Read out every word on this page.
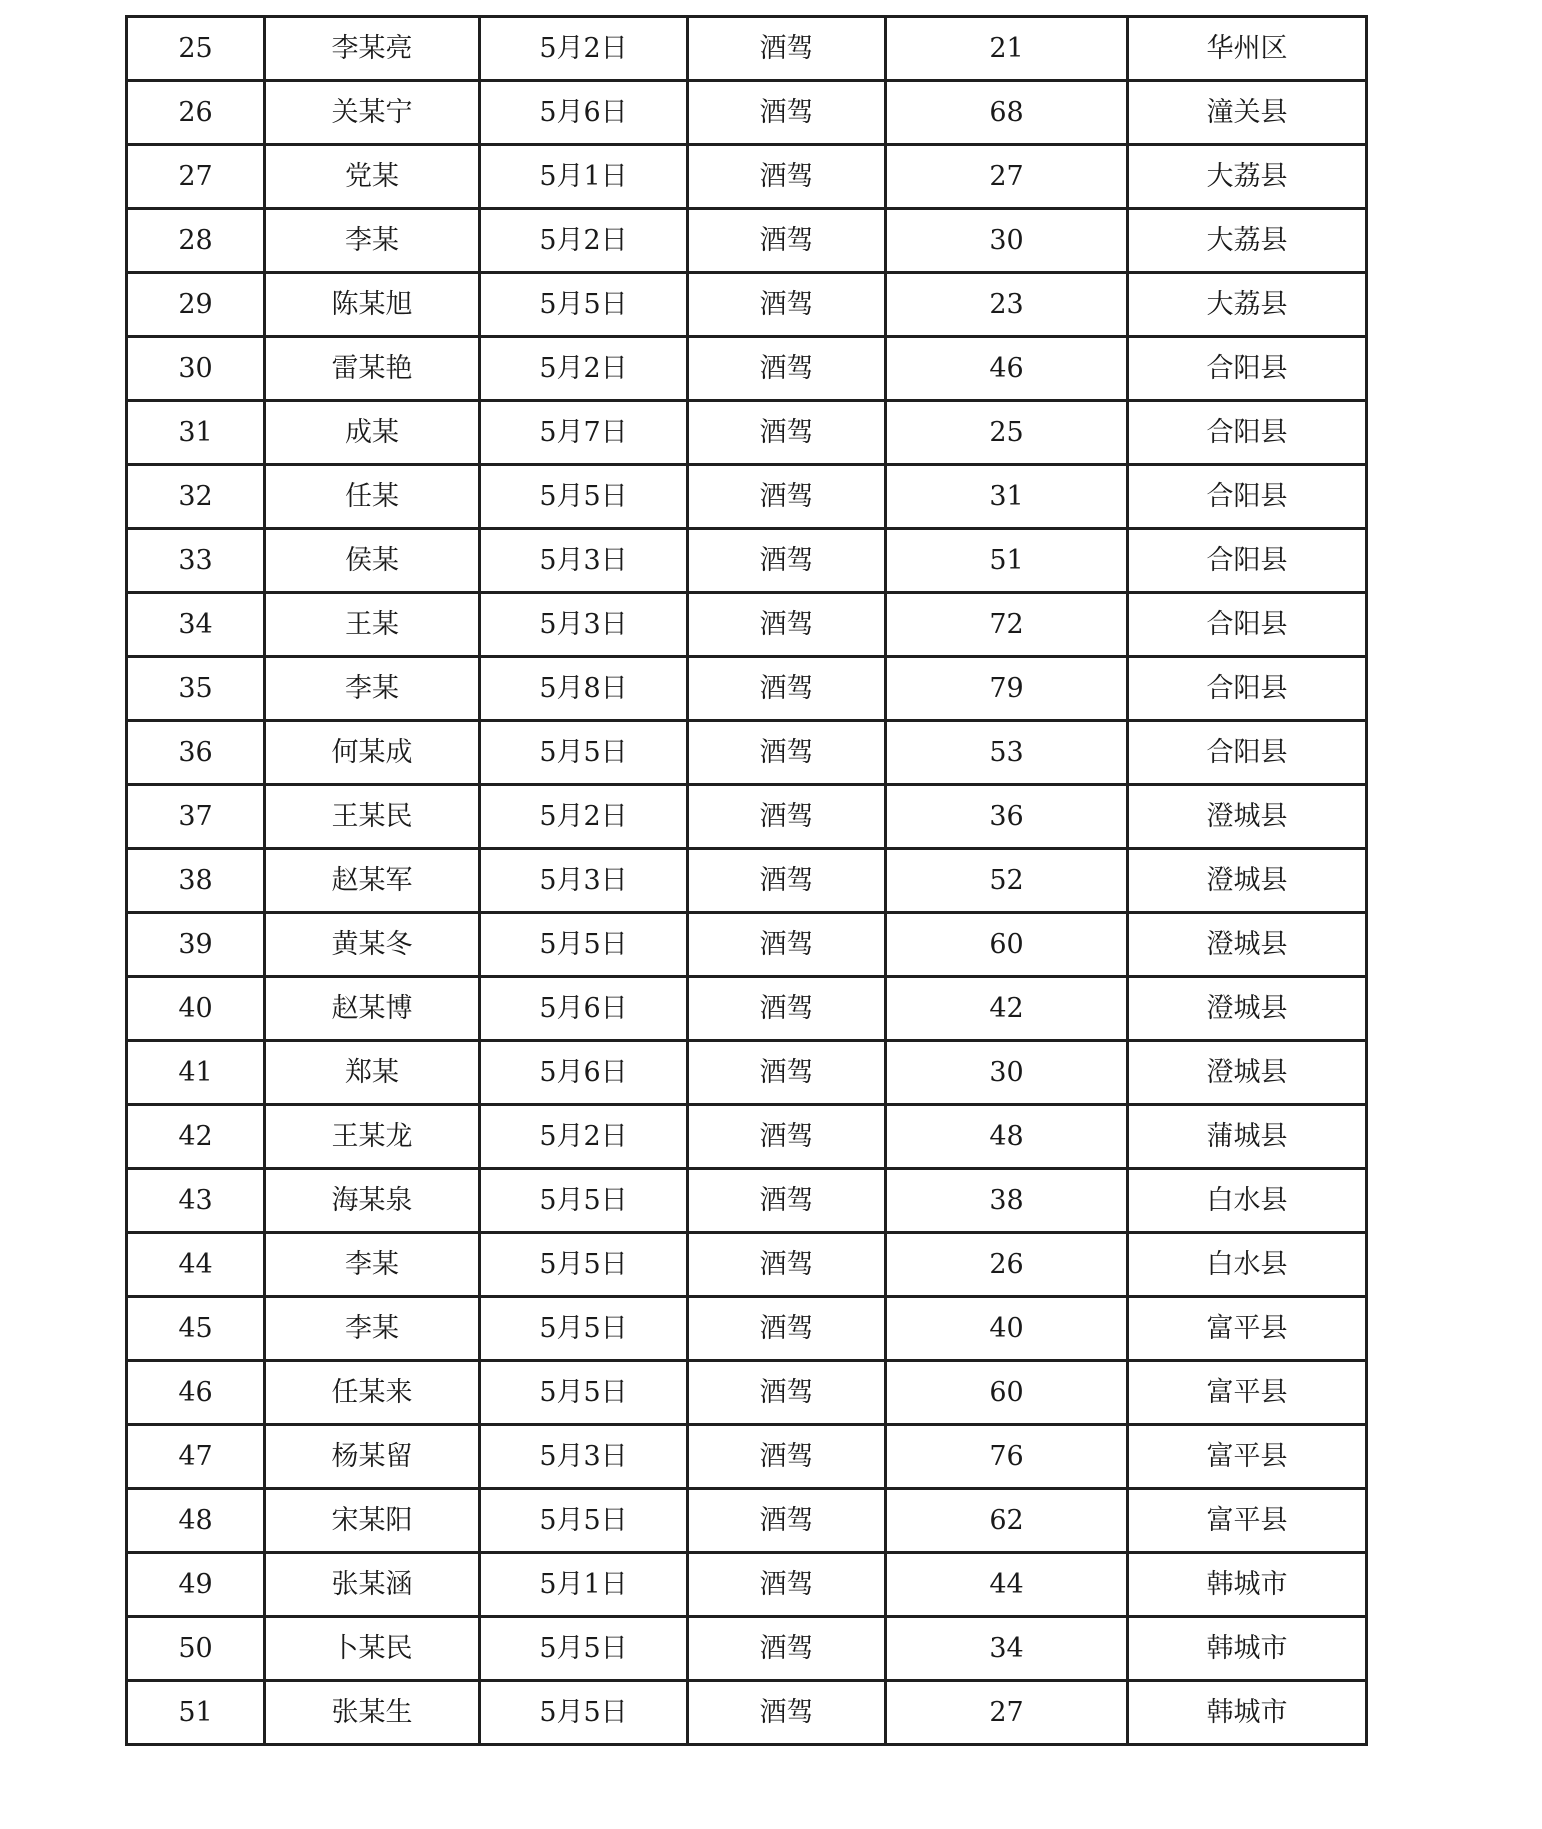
25	李某亮	5月2日	酒驾	21	华州区
26	关某宁	5月6日	酒驾	68	潼关县
27	党某	5月1日	酒驾	27	大荔县
28	李某	5月2日	酒驾	30	大荔县
29	陈某旭	5月5日	酒驾	23	大荔县
30	雷某艳	5月2日	酒驾	46	合阳县
31	成某	5月7日	酒驾	25	合阳县
32	任某	5月5日	酒驾	31	合阳县
33	侯某	5月3日	酒驾	51	合阳县
34	王某	5月3日	酒驾	72	合阳县
35	李某	5月8日	酒驾	79	合阳县
36	何某成	5月5日	酒驾	53	合阳县
37	王某民	5月2日	酒驾	36	澄城县
38	赵某军	5月3日	酒驾	52	澄城县
39	黄某冬	5月5日	酒驾	60	澄城县
40	赵某博	5月6日	酒驾	42	澄城县
41	郑某	5月6日	酒驾	30	澄城县
42	王某龙	5月2日	酒驾	48	蒲城县
43	海某泉	5月5日	酒驾	38	白水县
44	李某	5月5日	酒驾	26	白水县
45	李某	5月5日	酒驾	40	富平县
46	任某来	5月5日	酒驾	60	富平县
47	杨某留	5月3日	酒驾	76	富平县
48	宋某阳	5月5日	酒驾	62	富平县
49	张某涵	5月1日	酒驾	44	韩城市
50	卜某民	5月5日	酒驾	34	韩城市
51	张某生	5月5日	酒驾	27	韩城市
